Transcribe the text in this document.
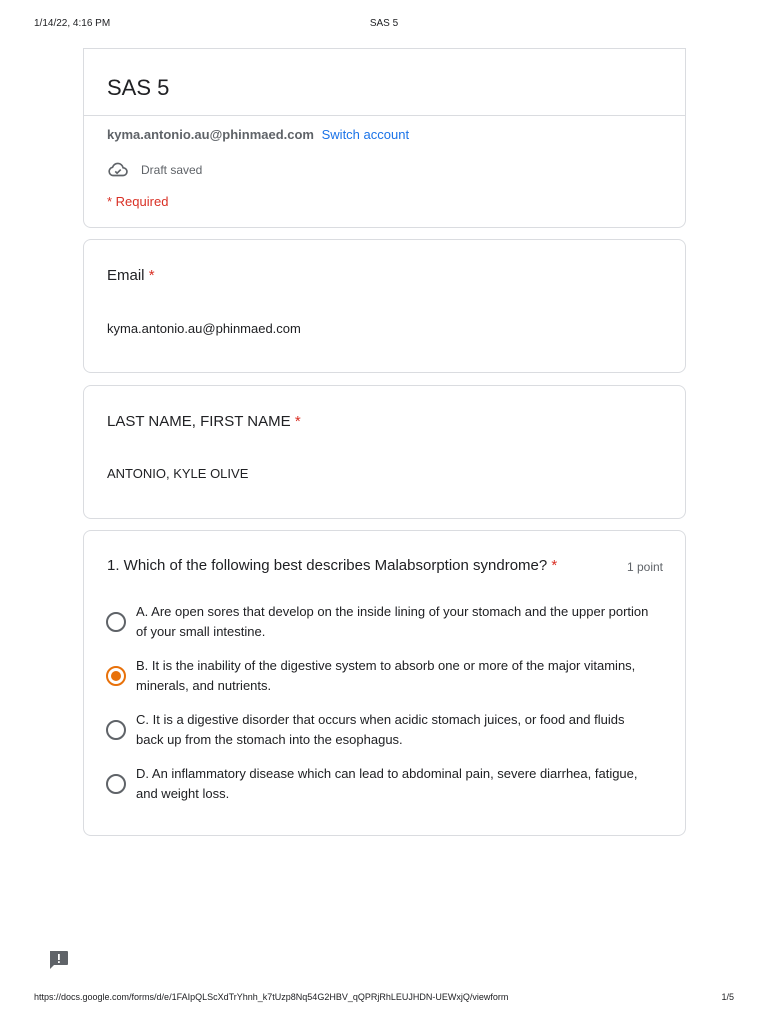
1/14/22, 4:16 PM	SAS 5
SAS 5
kyma.antonio.au@phinmaed.com Switch account
Draft saved
* Required
Email *
kyma.antonio.au@phinmaed.com
LAST NAME, FIRST NAME *
ANTONIO, KYLE OLIVE
1. Which of the following best describes Malabsorption syndrome? *	1 point
A. Are open sores that develop on the inside lining of your stomach and the upper portion of your small intestine.
B. It is the inability of the digestive system to absorb one or more of the major vitamins, minerals, and nutrients.
C. It is a digestive disorder that occurs when acidic stomach juices, or food and fluids back up from the stomach into the esophagus.
D. An inflammatory disease which can lead to abdominal pain, severe diarrhea, fatigue, and weight loss.
https://docs.google.com/forms/d/e/1FAIpQLScXdTrYhnh_k7tUzp8Nq54G2HBV_qQPRjRhLEUJHDN-UEWxjQ/viewform	1/5
